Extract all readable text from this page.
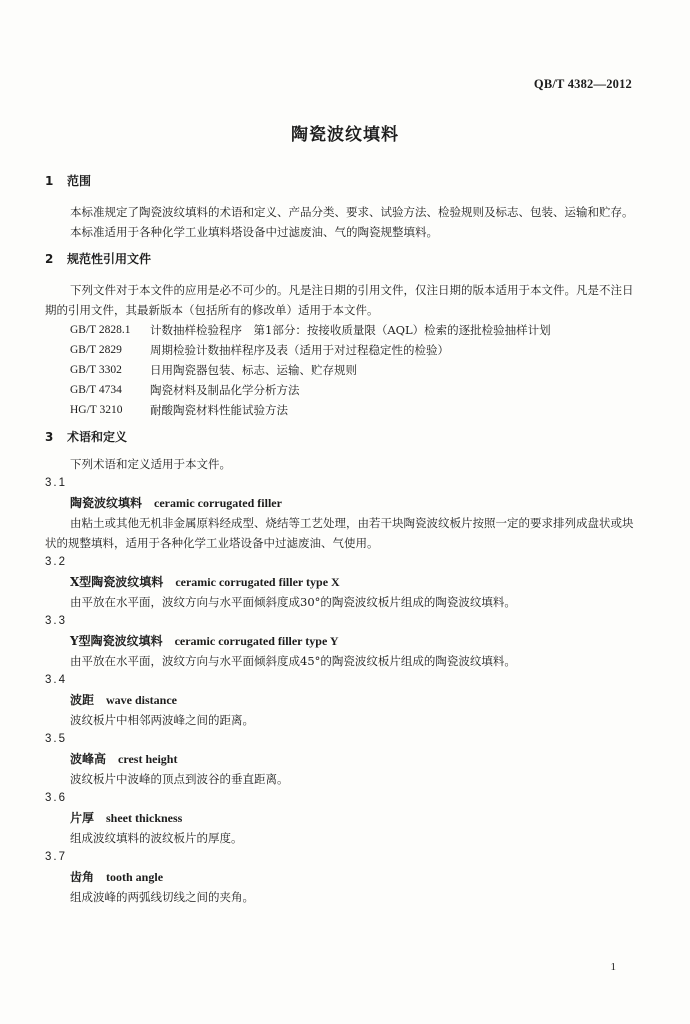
QB/T 4382—2012
陶瓷波纹填料
1 范围

本标准规定了陶瓷波纹填料的术语和定义、产品分类、要求、试验方法、检验规则及标志、包装、运输和贮存。

本标准适用于各种化学工业填料塔设备中过滤废油、气的陶瓷规整填料。

2 规范性引用文件

下列文件对于本文件的应用是必不可少的。凡是注日期的引用文件，仅注日期的版本适用于本文件。凡是不注日期的引用文件，其最新版本（包括所有的修改单）适用于本文件。

GB/T 2828.1	计数抽样检验程序　第1部分：按接收质量限（AQL）检索的逐批检验抽样计划
GB/T 2829	周期检验计数抽样程序及表（适用于对过程稳定性的检验）
GB/T 3302	日用陶瓷器包装、标志、运输、贮存规则
GB/T 4734	陶瓷材料及制品化学分析方法
HG/T 3210	耐酸陶瓷材料性能试验方法
3 术语和定义

下列术语和定义适用于本文件。

3.1
陶瓷波纹填料 ceramic corrugated filler

由粘土或其他无机非金属原料经成型、烧结等工艺处理，由若干块陶瓷波纹板片按照一定的要求排列成盘状或块状的规整填料，适用于各种化学工业塔设备中过滤废油、气使用。

3.2
X型陶瓷波纹填料 ceramic corrugated filler type X

由平放在水平面，波纹方向与水平面倾斜度成30°的陶瓷波纹板片组成的陶瓷波纹填料。

3.3
Y型陶瓷波纹填料 ceramic corrugated filler type Y

由平放在水平面，波纹方向与水平面倾斜度成45°的陶瓷波纹板片组成的陶瓷波纹填料。

3.4
波距 wave distance

波纹板片中相邻两波峰之间的距离。

3.5
波峰高 crest height

波纹板片中波峰的顶点到波谷的垂直距离。

3.6
片厚 sheet thickness

组成波纹填料的波纹板片的厚度。

3.7
齿角 tooth angle

组成波峰的两弧线切线之间的夹角。

1
